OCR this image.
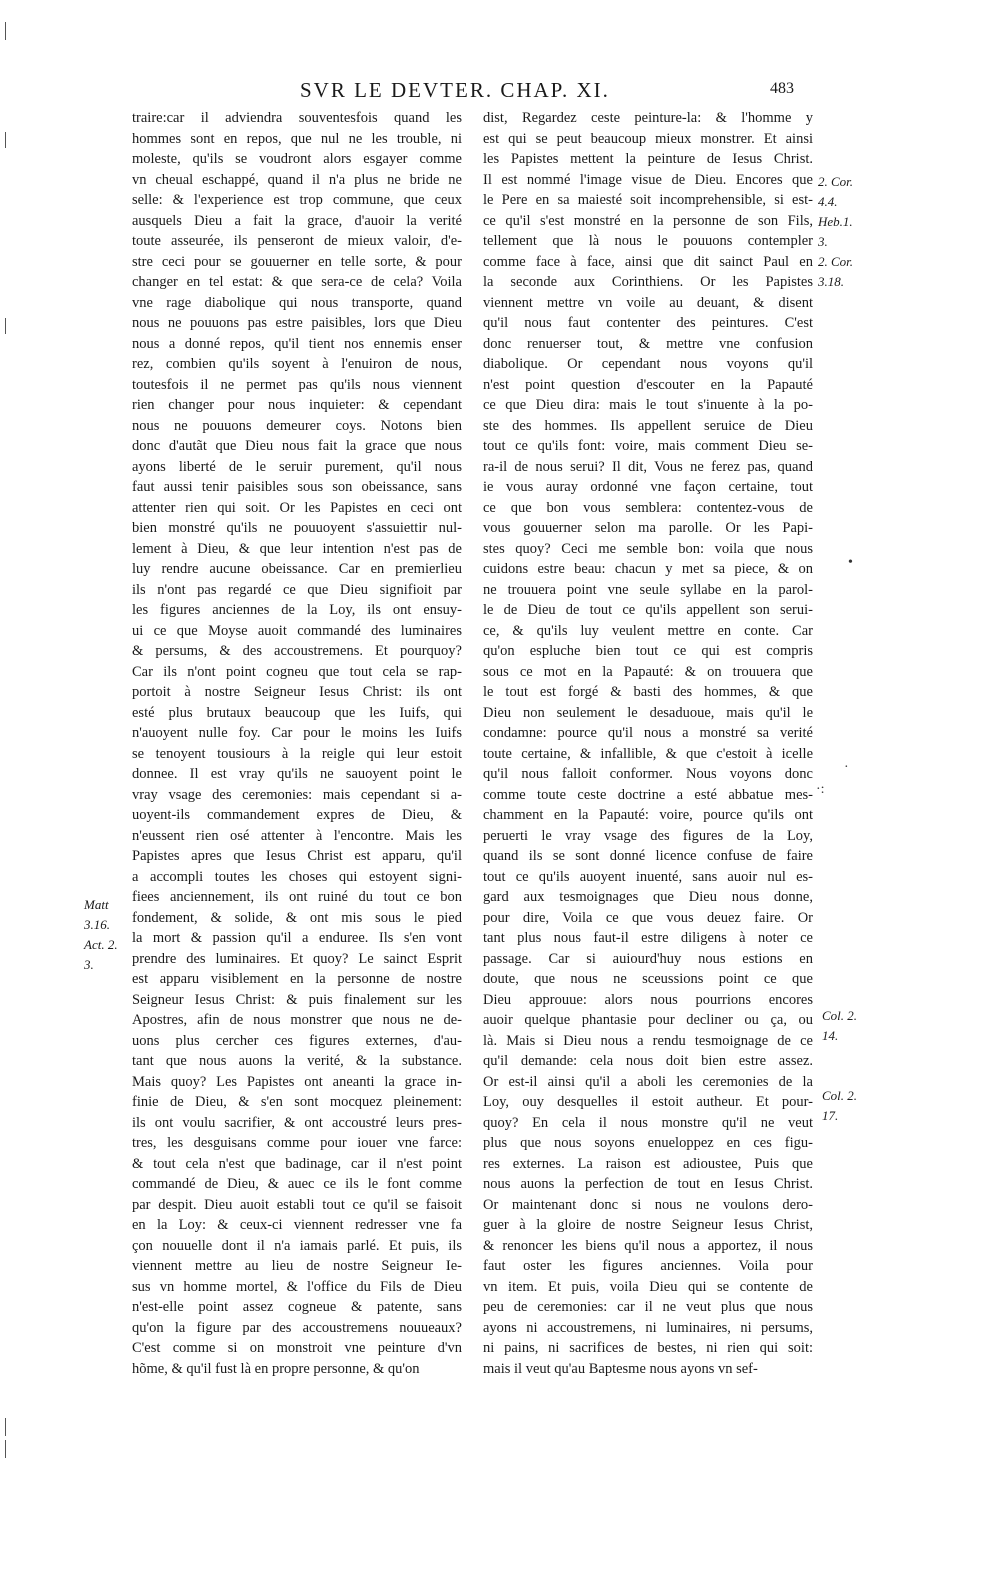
SVR LE DEVTER. CHAP. XI.	483
traire:car il adviendra souventesfois quand les
hommes sont en repos, que nul ne les trouble, ni
moleste, qu'ils se voudront alors esgayer comme
vn cheual eschappé, quand il n'a plus ne bride ne
selle: & l'experience est trop commune, que ceux
ausquels Dieu a fait la grace, d'auoir la verité
toute asseurée, ils penseront de mieux valoir, d'e-
stre ceci pour se gouuerner en telle sorte, & pour
changer en tel estat: & que sera-ce de cela? Voila
vne rage diabolique qui nous transporte, quand
nous ne pouuons pas estre paisibles, lors que Dieu
nous a donné repos, qu'il tient nos ennemis enser
rez, combien qu'ils soyent à l'enuiron de nous,
toutesfois il ne permet pas qu'ils nous viennent
rien changer pour nous inquieter: & cependant
nous ne pouuons demeurer coys. Notons bien
donc d'autãt que Dieu nous fait la grace que nous
ayons liberté de le seruir purement, qu'il nous
faut aussi tenir paisibles sous son obeissance, sans
attenter rien qui soit. Or les Papistes en ceci ont
bien monstré qu'ils ne pouuoyent s'assuiettir nul-
lement à Dieu, & que leur intention n'est pas de
luy rendre aucune obeissance. Car en premierlieu
ils n'ont pas regardé ce que Dieu signifioit par
les figures anciennes de la Loy, ils ont ensuy-
ui ce que Moyse auoit commandé des luminaires
& persums, & des accoustremens. Et pourquoy?
Car ils n'ont point cogneu que tout cela se rap-
portoit à nostre Seigneur Iesus Christ: ils ont
esté plus brutaux beaucoup que les Iuifs, qui
n'auoyent nulle foy. Car pour le moins les Iuifs
se tenoyent tousiours à la reigle qui leur estoit
donnee. Il est vray qu'ils ne sauoyent point le
vray vsage des ceremonies: mais cependant si a-
uoyent-ils commandement expres de Dieu, &
n'eussent rien osé attenter à l'encontre. Mais les
Papistes apres que Iesus Christ est apparu, qu'il
a accompli toutes les choses qui estoyent signi-
fiees anciennement, ils ont ruiné du tout ce bon
fondement, & solide, & ont mis sous le pied
la mort & passion qu'il a enduree. Ils s'en vont
prendre des luminaires. Et quoy? Le sainct Esprit
est apparu visiblement en la personne de nostre
Seigneur Iesus Christ: & puis finalement sur les
Apostres, afin de nous monstrer que nous ne de-
uons plus cercher ces figures externes, d'au-
tant que nous auons la verité, & la substance.
Mais quoy? Les Papistes ont aneanti la grace in-
finie de Dieu, & s'en sont mocquez pleinement:
ils ont voulu sacrifier, & ont accoustré leurs pres-
tres, les desguisans comme pour iouer vne farce:
& tout cela n'est que badinage, car il n'est point
commandé de Dieu, & auec ce ils le font comme
par despit. Dieu auoit establi tout ce qu'il se faisoit
en la Loy: & ceux-ci viennent redresser vne fa
çon nouuelle dont il n'a iamais parlé. Et puis, ils
viennent mettre au lieu de nostre Seigneur Ie-
sus vn homme mortel, & l'office du Fils de Dieu
n'est-elle point assez cogneue & patente, sans
qu'on la figure par des accoustremens nouueaux?
C'est comme si on monstroit vne peinture d'vn
hõme, & qu'il fust là en propre personne, & qu'on
dist, Regardez ceste peinture-la: & l'homme y
est qui se peut beaucoup mieux monstrer. Et ainsi
les Papistes mettent la peinture de Iesus Christ.
Il est nommé l'image visue de Dieu. Encores que
le Pere en sa maiesté soit incomprehensible, si est-
ce qu'il s'est monstré en la personne de son Fils,
tellement que là nous le pouuons contempler
comme face à face, ainsi que dit sainct Paul en
la seconde aux Corinthiens. Or les Papistes
viennent mettre vn voile au deuant, & disent
qu'il nous faut contenter des peintures. C'est
donc renuerser tout, & mettre vne confusion
diabolique. Or cependant nous voyons qu'il
n'est point question d'escouter en la Papauté
ce que Dieu dira: mais le tout s'inuente à la po-
ste des hommes. Ils appellent seruice de Dieu
tout ce qu'ils font: voire, mais comment Dieu se-
ra-il de nous serui? Il dit, Vous ne ferez pas, quand
ie vous auray ordonné vne façon certaine, tout
ce que bon vous semblera: contentez-vous de
vous gouuerner selon ma parolle. Or les Papi-
stes quoy? Ceci me semble bon: voila que nous
cuidons estre beau: chacun y met sa piece, & on
ne trouuera point vne seule syllabe en la parol-
le de Dieu de tout ce qu'ils appellent son serui-
ce, & qu'ils luy veulent mettre en conte. Car
qu'on espluche bien tout ce qui est compris
sous ce mot en la Papauté: & on trouuera que
le tout est forgé & basti des hommes, & que
Dieu non seulement le desaduoue, mais qu'il le
condamne: pource qu'il nous a monstré sa verité
toute certaine, & infallible, & que c'estoit à icelle
qu'il nous falloit conformer. Nous voyons donc
comme toute ceste doctrine a esté abbatue mes-
chamment en la Papauté: voire, pource qu'ils ont
peruerti le vray vsage des figures de la Loy,
quand ils se sont donné licence confuse de faire
tout ce qu'ils auoyent inuenté, sans auoir nul es-
gard aux tesmoignages que Dieu nous donne,
pour dire, Voila ce que vous deuez faire. Or
tant plus nous faut-il estre diligens à noter ce
passage. Car si auiourd'huy nous estions en
doute, que nous ne sceussions point ce que
Dieu approuue: alors nous pourrions encores
auoir quelque phantasie pour decliner ou ça, ou
là. Mais si Dieu nous a rendu tesmoignage de ce
qu'il demande: cela nous doit bien estre assez.
Or est-il ainsi qu'il a aboli les ceremonies de la
Loy, ouy desquelles il estoit autheur. Et pour-
quoy? En cela il nous monstre qu'il ne veut
plus que nous soyons enueloppez en ces figu-
res externes. La raison est adioustee, Puis que
nous auons la perfection de tout en Iesus Christ.
Or maintenant donc si nous ne voulons dero-
guer à la gloire de nostre Seigneur Iesus Christ,
& renoncer les biens qu'il nous a apportez, il nous
faut oster les figures anciennes. Voila pour
vn item. Et puis, voila Dieu qui se contente de
peu de ceremonies: car il ne veut plus que nous
ayons ni accoustremens, ni luminaires, ni persums,
ni pains, ni sacrifices de bestes, ni rien qui soit:
mais il veut qu'au Baptesme nous ayons vn sef-
Matt
3.16.
Act. 2.
3.
2. Cor.
4.4.
Heb.1.
3.
2. Cor.
3.18.
Col. 2.
14.
Col. 2.
17.
•
·
·:
